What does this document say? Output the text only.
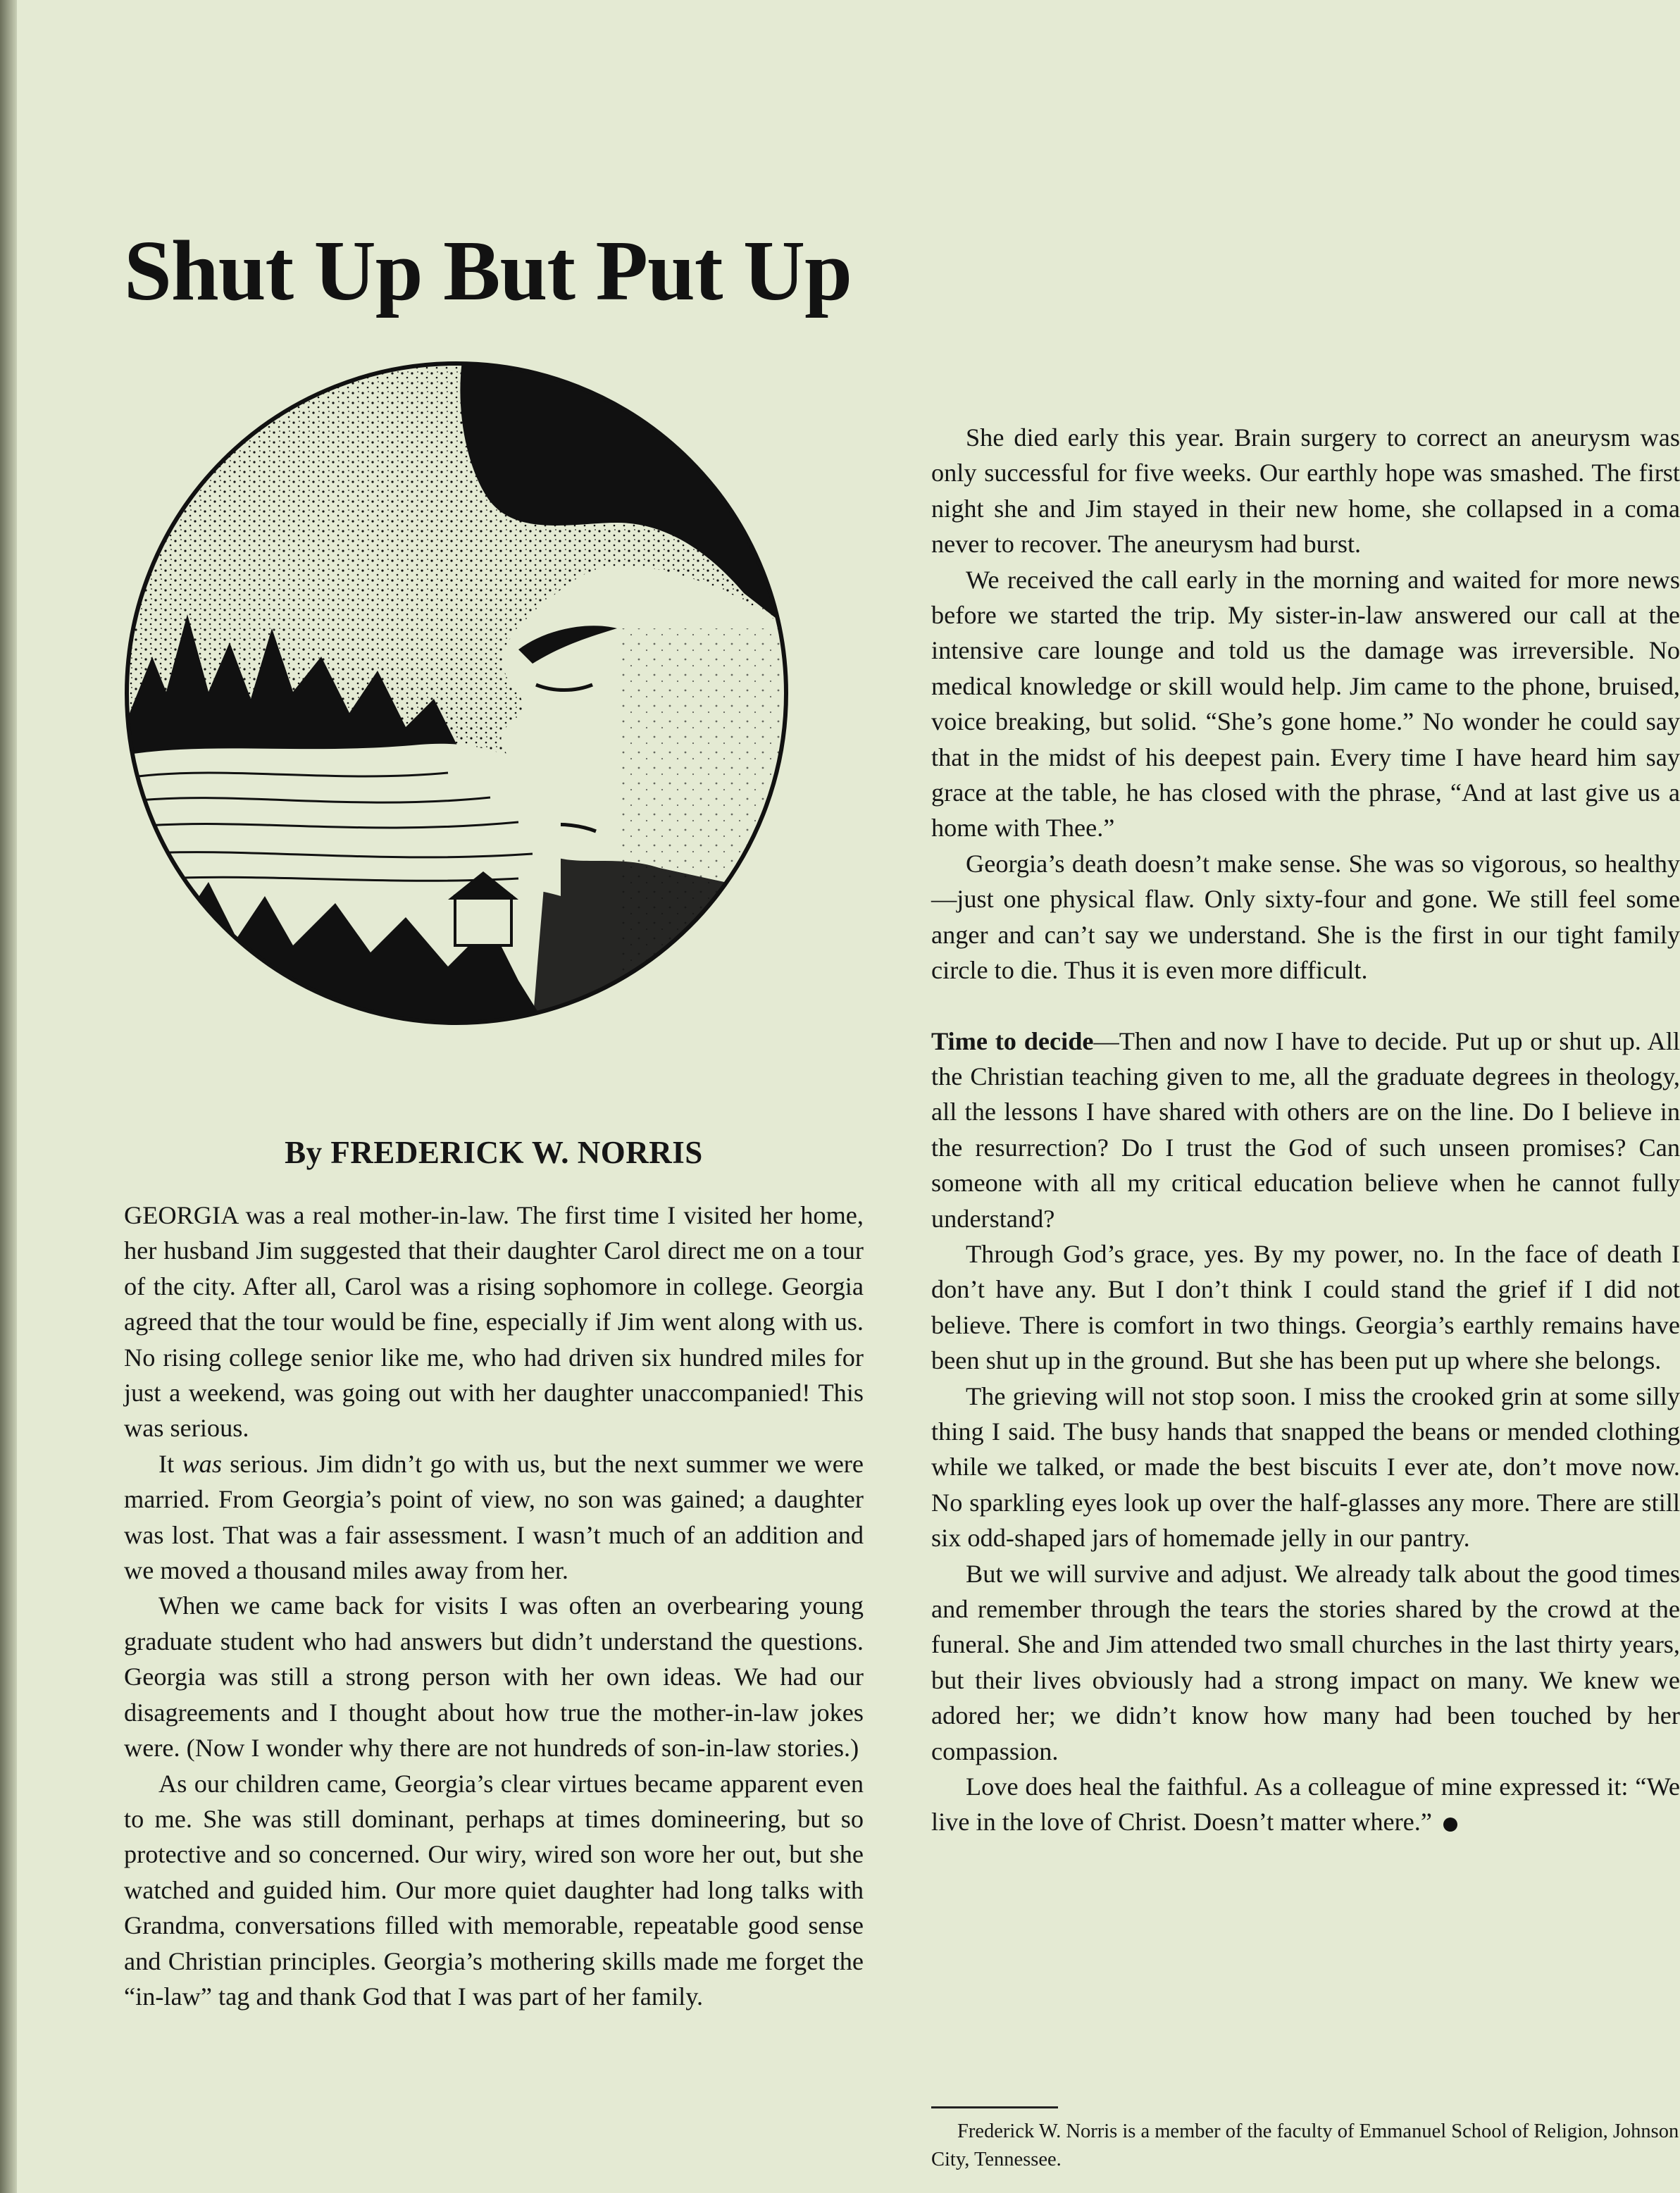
Shut Up But Put Up
By FREDERICK W. NORRIS

GEORGIA was a real mother-in-law. The first time I visited her home, her husband Jim suggested that their daughter Carol direct me on a tour of the city. After all, Carol was a rising sophomore in college. Georgia agreed that the tour would be fine, especially if Jim went along with us. No rising college senior like me, who had driven six hundred miles for just a weekend, was going out with her daughter unaccompanied! This was serious.

It was serious. Jim didn’t go with us, but the next summer we were married. From Georgia’s point of view, no son was gained; a daughter was lost. That was a fair assessment. I wasn’t much of an addition and we moved a thousand miles away from her.

When we came back for visits I was often an overbearing young graduate student who had answers but didn’t understand the questions. Georgia was still a strong person with her own ideas. We had our disagreements and I thought about how true the mother-in-law jokes were. (Now I wonder why there are not hundreds of son-in-law stories.)

As our children came, Georgia’s clear virtues became apparent even to me. She was still dominant, perhaps at times domineering, but so protective and so concerned. Our wiry, wired son wore her out, but she watched and guided him. Our more quiet daughter had long talks with Grandma, conversations filled with memorable, repeatable good sense and Christian principles. Georgia’s mothering skills made me forget the “in-law” tag and thank God that I was part of her family.

She died early this year. Brain surgery to correct an aneurysm was only successful for five weeks. Our earthly hope was smashed. The first night she and Jim stayed in their new home, she collapsed in a coma never to recover. The aneurysm had burst.

We received the call early in the morning and waited for more news before we started the trip. My sister-in-law answered our call at the intensive care lounge and told us the damage was irreversible. No medical knowledge or skill would help. Jim came to the phone, bruised, voice breaking, but solid. “She’s gone home.” No wonder he could say that in the midst of his deepest pain. Every time I have heard him say grace at the table, he has closed with the phrase, “And at last give us a home with Thee.”

Georgia’s death doesn’t make sense. She was so vigorous, so healthy—just one physical flaw. Only sixty-four and gone. We still feel some anger and can’t say we understand. She is the first in our tight family circle to die. Thus it is even more difficult.

Time to decide—Then and now I have to decide. Put up or shut up. All the Christian teaching given to me, all the graduate degrees in theology, all the lessons I have shared with others are on the line. Do I believe in the resurrection? Do I trust the God of such unseen promises? Can someone with all my critical education believe when he cannot fully understand?

Through God’s grace, yes. By my power, no. In the face of death I don’t have any. But I don’t think I could stand the grief if I did not believe. There is comfort in two things. Georgia’s earthly remains have been shut up in the ground. But she has been put up where she belongs.

The grieving will not stop soon. I miss the crooked grin at some silly thing I said. The busy hands that snapped the beans or mended clothing while we talked, or made the best biscuits I ever ate, don’t move now. No sparkling eyes look up over the half-glasses any more. There are still six odd-shaped jars of homemade jelly in our pantry.

But we will survive and adjust. We already talk about the good times and remember through the tears the stories shared by the crowd at the funeral. She and Jim attended two small churches in the last thirty years, but their lives obviously had a strong impact on many. We knew we adored her; we didn’t know how many had been touched by her compassion.

Love does heal the faithful. As a colleague of mine expressed it: “We live in the love of Christ. Doesn’t matter where.”

Frederick W. Norris is a member of the faculty of Emmanuel School of Religion, Johnson City, Tennessee.
